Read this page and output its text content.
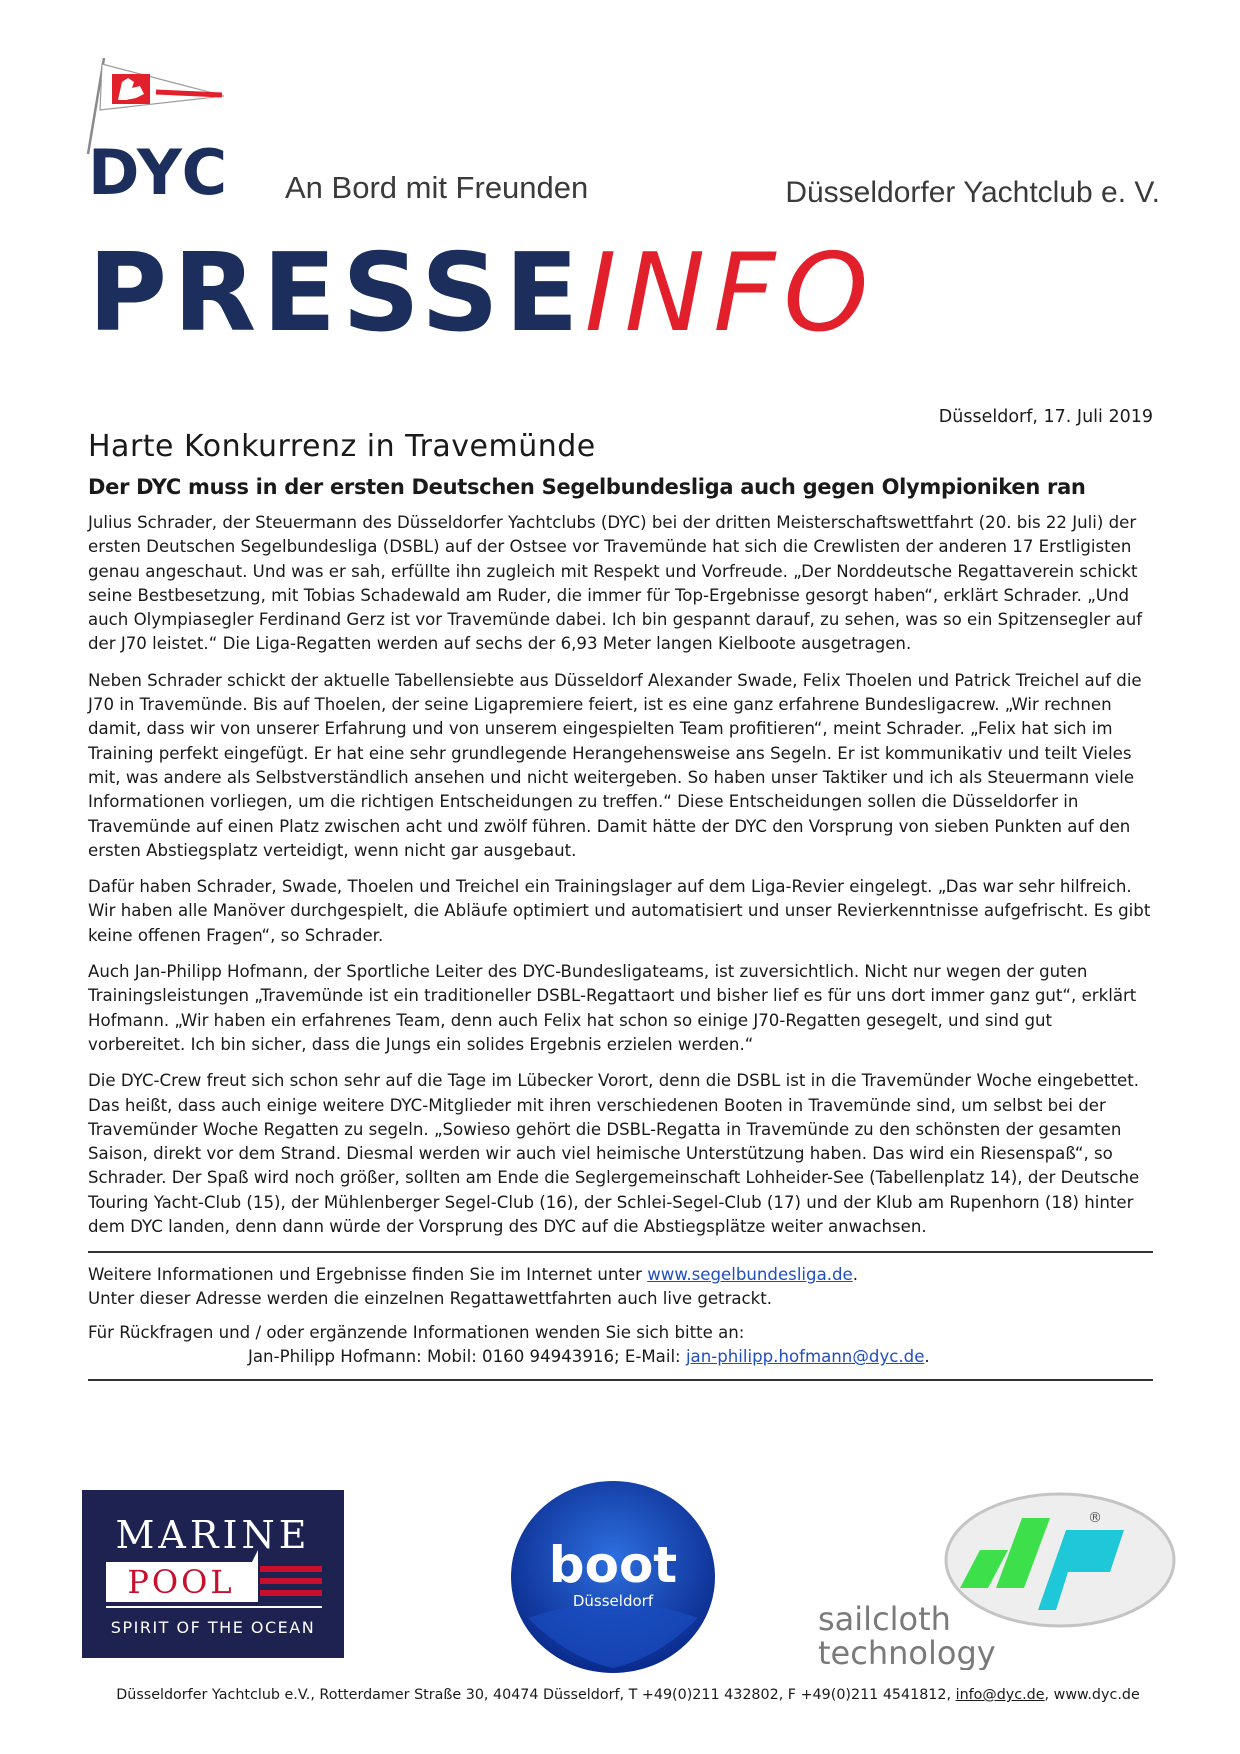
DYC An Bord mit Freunden	Düsseldorfer Yachtclub e. V.
PRESSEINFO

Düsseldorf, 17. Juli 2019

Harte Konkurrenz in Travemünde
Der DYC muss in der ersten Deutschen Segelbundesliga auch gegen Olympioniken ran

Julius Schrader, der Steuermann des Düsseldorfer Yachtclubs (DYC) bei der dritten Meisterschaftswettfahrt (20. bis 22 Juli) der ersten Deutschen Segelbundesliga (DSBL) auf der Ostsee vor Travemünde hat sich die Crewlisten der anderen 17 Erstligisten genau angeschaut. Und was er sah, erfüllte ihn zugleich mit Respekt und Vorfreude. „Der Norddeutsche Regattaverein schickt seine Bestbesetzung, mit Tobias Schadewald am Ruder, die immer für Top-Ergebnisse gesorgt haben“, erklärt Schrader. „Und auch Olympiasegler Ferdinand Gerz ist vor Travemünde dabei. Ich bin gespannt darauf, zu sehen, was so ein Spitzensegler auf der J70 leistet.“ Die Liga-Regatten werden auf sechs der 6,93 Meter langen Kielboote ausgetragen.

Neben Schrader schickt der aktuelle Tabellensiebte aus Düsseldorf Alexander Swade, Felix Thoelen und Patrick Treichel auf die J70 in Travemünde. Bis auf Thoelen, der seine Ligapremiere feiert, ist es eine ganz erfahrene Bundesligacrew. „Wir rechnen damit, dass wir von unserer Erfahrung und von unserem eingespielten Team profitieren“, meint Schrader. „Felix hat sich im Training perfekt eingefügt. Er hat eine sehr grundlegende Herangehensweise ans Segeln. Er ist kommunikativ und teilt Vieles mit, was andere als Selbstverständlich ansehen und nicht weitergeben. So haben unser Taktiker und ich als Steuermann viele Informationen vorliegen, um die richtigen Entscheidungen zu treffen.“ Diese Entscheidungen sollen die Düsseldorfer in Travemünde auf einen Platz zwischen acht und zwölf führen. Damit hätte der DYC den Vorsprung von sieben Punkten auf den ersten Abstiegsplatz verteidigt, wenn nicht gar ausgebaut.

Dafür haben Schrader, Swade, Thoelen und Treichel ein Trainingslager auf dem Liga-Revier eingelegt. „Das war sehr hilfreich. Wir haben alle Manöver durchgespielt, die Abläufe optimiert und automatisiert und unser Revierkenntnisse aufgefrischt. Es gibt keine offenen Fragen“, so Schrader.

Auch Jan-Philipp Hofmann, der Sportliche Leiter des DYC-Bundesligateams, ist zuversichtlich. Nicht nur wegen der guten Trainingsleistungen „Travemünde ist ein traditioneller DSBL-Regattaort und bisher lief es für uns dort immer ganz gut“, erklärt Hofmann. „Wir haben ein erfahrenes Team, denn auch Felix hat schon so einige J70-Regatten gesegelt, und sind gut vorbereitet. Ich bin sicher, dass die Jungs ein solides Ergebnis erzielen werden.“

Die DYC-Crew freut sich schon sehr auf die Tage im Lübecker Vorort, denn die DSBL ist in die Travemünder Woche eingebettet. Das heißt, dass auch einige weitere DYC-Mitglieder mit ihren verschiedenen Booten in Travemünde sind, um selbst bei der Travemünder Woche Regatten zu segeln. „Sowieso gehört die DSBL-Regatta in Travemünde zu den schönsten der gesamten Saison, direkt vor dem Strand. Diesmal werden wir auch viel heimische Unterstützung haben. Das wird ein Riesenspaß“, so Schrader. Der Spaß wird noch größer, sollten am Ende die Seglergemeinschaft Lohheider-See (Tabellenplatz 14), der Deutsche Touring Yacht-Club (15), der Mühlenberger Segel-Club (16), der Schlei-Segel-Club (17) und der Klub am Rupenhorn (18) hinter dem DYC landen, denn dann würde der Vorsprung des DYC auf die Abstiegsplätze weiter anwachsen.

Weitere Informationen und Ergebnisse finden Sie im Internet unter www.segelbundesliga.de.
Unter dieser Adresse werden die einzelnen Regattawettfahrten auch live getrackt.

Für Rückfragen und / oder ergänzende Informationen wenden Sie sich bitte an:
Jan-Philipp Hofmann: Mobil: 0160 94943916; E-Mail: jan-philipp.hofmann@dyc.de.

MARINE
POOL
SPIRIT OF THE OCEAN
boot
Düsseldorf
®
sailcloth
technology
Düsseldorfer Yachtclub e.V., Rotterdamer Straße 30, 40474 Düsseldorf, T +49(0)211 432802, F +49(0)211 4541812, info@dyc.de, www.dyc.de
